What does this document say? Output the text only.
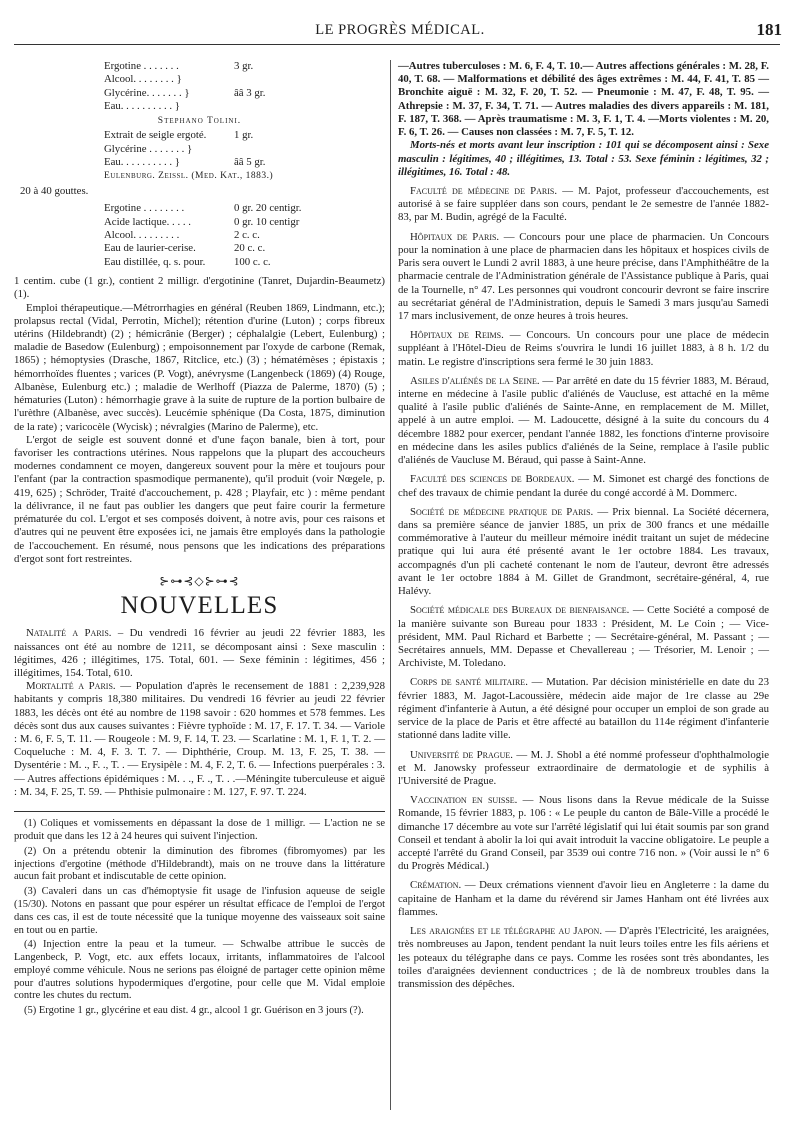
LE PROGRÈS MÉDICAL.	181
Ergotine . . . . . . .	3 gr.
Alcool. . . . . . . . }
Glycérine. . . . . . . }	ââ 3 gr.
Eau. . . . . . . . . . }
Stephano Tolini.
Extrait de seigle ergoté.	1 gr.
Glycérine . . . . . . . }
Eau. . . . . . . . . . }	ââ 5 gr.
Eulenburg. Zeissl. (Med. Kat., 1883.)
20 à 40 gouttes.
Ergotine . . . . . . . .	0 gr. 20 centigr.
Acide lactique. . . . .	0 gr. 10 centigr
Alcool. . . . . . . . .	2 c. c.
Eau de laurier-cerise.	20 c. c.
Eau distillée, q. s. pour.	100 c. c.

1 centim. cube (1 gr.), contient 2 milligr. d'ergotinine (Tanret, Dujardin-Beaumetz) (1).

Emploi thérapeutique.—Métrorrhagies en général (Reuben 1869, Lindmann, etc.); prolapsus rectal (Vidal, Perrotin, Michel); rétention d'urine (Luton) ; corps fibreux utérins (Hildebrandt) (2) ; hémicrânie (Berger) ; céphalalgie (Lebert, Eulenburg) ; maladie de Basedow (Eulenburg) ; empoisonnement par l'oxyde de carbone (Remak, 1865) ; hémoptysies (Drasche, 1867, Ritclice, etc.) (3) ; hématémèses ; épistaxis ; hémorrhoïdes fluentes ; varices (P. Vogt), anévrysme (Langenbeck (1869) (4) Rouge, Albanèse, Eulenburg etc.) ; maladie de Werlhoff (Piazza de Palerme, 1870) (5) ; hématuries (Luton) : hémorrhagie grave à la suite de rupture de la portion bulbaire de l'urèthre (Albanèse, avec succès). Leucémie sphénique (Da Costa, 1875, diminution de la rate) ; varicocèle (Wycisk) ; névralgies (Marino de Palerme), etc.

L'ergot de seigle est souvent donné et d'une façon banale, bien à tort, pour favoriser les contractions utérines. Nous rappelons que la plupart des accoucheurs modernes condamnent ce moyen, dangereux souvent pour la mère et toujours pour l'enfant (par la contraction spasmodique permanente), qu'il produit (voir Nœgele, p. 419, 625) ; Schröder, Traité d'accouchement, p. 428 ; Playfair, etc ) : même pendant la délivrance, il ne faut pas oublier les dangers que peut faire courir la fermeture prématurée du col. L'ergot et ses composés doivent, à notre avis, pour ces raisons et d'autres qui ne peuvent être exposées ici, ne jamais être employés dans la pathologie de l'accouchement. En résumé, nous pensons que les indications des préparations d'ergot sont fort restreintes.

⊱⊶⊰◇⊱⊶⊰
NOUVELLES

Natalité a Paris. – Du vendredi 16 février au jeudi 22 février 1883, les naissances ont été au nombre de 1211, se décomposant ainsi : Sexe masculin : légitimes, 426 ; illégitimes, 175. Total, 601. — Sexe féminin : légitimes, 456 ; illégitimes, 154. Total, 610.

Mortalité a Paris. — Population d'après le recensement de 1881 : 2,239,928 habitants y compris 18,380 militaires. Du vendredi 16 février au jeudi 22 février 1883, les décès ont été au nombre de 1198 savoir : 620 hommes et 578 femmes. Les décès sont dus aux causes suivantes : Fièvre typhoïde : M. 17, F. 17. T. 34. — Variole : M. 6, F. 5, T. 11. — Rougeole : M. 9, F. 14, T. 23. — Scarlatine : M. 1, F. 1, T. 2. — Coqueluche : M. 4, F. 3. T. 7. — Diphthérie, Croup. M. 13, F. 25, T. 38. — Dysentérie : M. ., F. ., T. . — Erysipèle : M. 4, F. 2, T. 6. — Infections puerpérales : 3. — Autres affections épidémiques : M. . ., F. ., T. . .—Méningite tuberculeuse et aiguë : M. 34, F. 25, T. 59. — Phthisie pulmonaire : M. 127, F. 97. T. 224.

(1) Coliques et vomissements en dépassant la dose de 1 milligr. — L'action ne se produit que dans les 12 à 24 heures qui suivent l'injection.

(2) On a prétendu obtenir la diminution des fibromes (fibromyomes) par les injections d'ergotine (méthode d'Hildebrandt), mais on ne trouve dans la littérature aucun fait probant et indiscutable de cette opinion.

(3) Cavaleri dans un cas d'hémoptysie fit usage de l'infusion aqueuse de seigle (15/30). Notons en passant que pour espérer un résultat efficace de l'emploi de l'ergot dans ces cas, il est de toute nécessité que la tunique moyenne des vaisseaux soit saine en tout ou en partie.

(4) Injection entre la peau et la tumeur. — Schwalbe attribue le succès de Langenbeck, P. Vogt, etc. aux effets locaux, irritants, inflammatoires de l'alcool employé comme véhicule. Nous ne serions pas éloigné de partager cette opinion même pour d'autres solutions hypodermiques d'ergotine, pour celle que M. Vidal emploie contre les chutes du rectum.

(5) Ergotine 1 gr., glycérine et eau dist. 4 gr., alcool 1 gr. Guérison en 3 jours (?).

—Autres tuberculoses : M. 6, F. 4, T. 10.— Autres affections générales : M. 28, F. 40, T. 68. — Malformations et débilité des âges extrêmes : M. 44, F. 41, T. 85 —Bronchite aiguë : M. 32, F. 20, T. 52. — Pneumonie : M. 47, F. 48, T. 95. — Athrepsie : M. 37, F. 34, T. 71. — Autres maladies des divers appareils : M. 181, F. 187, T. 368. — Après traumatisme : M. 3, F. 1, T. 4. —Morts violentes : M. 20, F. 6, T. 26. — Causes non classées : M. 7, F. 5, T. 12.

Morts-nés et morts avant leur inscription : 101 qui se décomposent ainsi : Sexe masculin : légitimes, 40 ; illégitimes, 13. Total : 53. Sexe féminin : légitimes, 32 ; illégitimes, 16. Total : 48.

Faculté de médecine de Paris. — M. Pajot, professeur d'accouchements, est autorisé à se faire suppléer dans son cours, pendant le 2e semestre de l'année 1882-83, par M. Budin, agrégé de la Faculté.

Hôpitaux de Paris. — Concours pour une place de pharmacien. Un Concours pour la nomination à une place de pharmacien dans les hôpitaux et hospices civils de Paris sera ouvert le Lundi 2 avril 1883, à une heure précise, dans l'Amphithéâtre de la pharmacie centrale de l'Administration générale de l'Assistance publique à Paris, quai de la Tournelle, n° 47. Les personnes qui voudront concourir devront se faire inscrire au secrétariat général de l'Administration, depuis le Samedi 3 mars jusqu'au Samedi 17 mars inclusivement, de onze heures à trois heures.

Hôpitaux de Reims. — Concours. Un concours pour une place de médecin suppléant à l'Hôtel-Dieu de Reims s'ouvrira le lundi 16 juillet 1883, à 8 h. 1/2 du matin. Le registre d'inscriptions sera fermé le 30 juin 1883.

Asiles d'aliénés de la Seine. — Par arrêté en date du 15 février 1883, M. Béraud, interne en médecine à l'asile public d'aliénés de Vaucluse, est attaché en la même qualité à l'asile public d'aliénés de Sainte-Anne, en remplacement de M. Millet, appelé à un autre emploi. — M. Ladoucette, désigné à la suite du concours du 4 décembre 1882 pour exercer, pendant l'année 1882, les fonctions d'interne provisoire en médecine dans les asiles publics d'aliénés de la Seine, remplace à l'asile public d'aliénés de Vaucluse M. Béraud, qui passe à Saint-Anne.

Faculté des sciences de Bordeaux. — M. Simonet est chargé des fonctions de chef des travaux de chimie pendant la durée du congé accordé à M. Dommerc.

Société de médecine pratique de Paris. — Prix biennal. La Société décernera, dans sa première séance de janvier 1885, un prix de 300 francs et une médaille commémorative à l'auteur du meilleur mémoire inédit traitant un sujet de médecine pratique qui lui aura été présenté avant le 1er octobre 1884. Les travaux, accompagnés d'un pli cacheté contenant le nom de l'auteur, devront être adressés avant le 1er octobre 1884 à M. Gillet de Grandmont, secrétaire-général, 4, rue Halévy.

Société médicale des Bureaux de bienfaisance. — Cette Société a composé de la manière suivante son Bureau pour 1833 : Président, M. Le Coin ; — Vice-président, MM. Paul Richard et Barbette ; — Secrétaire-général, M. Passant ; — Secrétaires annuels, MM. Depasse et Chevallereau ; — Trésorier, M. Lenoir ; — Archiviste, M. Toledano.

Corps de santé militaire. — Mutation. Par décision ministérielle en date du 23 février 1883, M. Jagot-Lacoussière, médecin aide major de 1re classe au 29e régiment d'infanterie à Autun, a été désigné pour occuper un emploi de son grade au service de la place de Paris et être affecté au bataillon du 114e régiment d'infanterie stationné dans ladite ville.

Université de Prague. — M. J. Shobl a été nommé professeur d'ophthalmologie et M. Janowsky professeur extraordinaire de dermatologie et de syphilis à l'Université de Prague.

Vaccination en suisse. — Nous lisons dans la Revue médicale de la Suisse Romande, 15 février 1883, p. 106 : « Le peuple du canton de Bâle-Ville a procédé le dimanche 17 décembre au vote sur l'arrêté législatif qui lui était soumis par son grand Conseil et tendant à abolir la loi qui avait introduit la vaccine obligatoire. Le peuple a accepté l'arrêté du Grand Conseil, par 3539 oui contre 716 non. » (Voir aussi le n° 6 du Progrès Médical.)

Crémation. — Deux crémations viennent d'avoir lieu en Angleterre : la dame du capitaine de Hanham et la dame du révérend sir James Hanham ont été livrées aux flammes.

Les araignées et le télégraphe au Japon. — D'après l'Electricité, les araignées, très nombreuses au Japon, tendent pendant la nuit leurs toiles entre les fils aériens et les poteaux du télégraphe dans ce pays. Comme les rosées sont très abondantes, les toiles d'araignées deviennent conductrices ; de là de nombreux troubles dans la transmission des dépêches.
